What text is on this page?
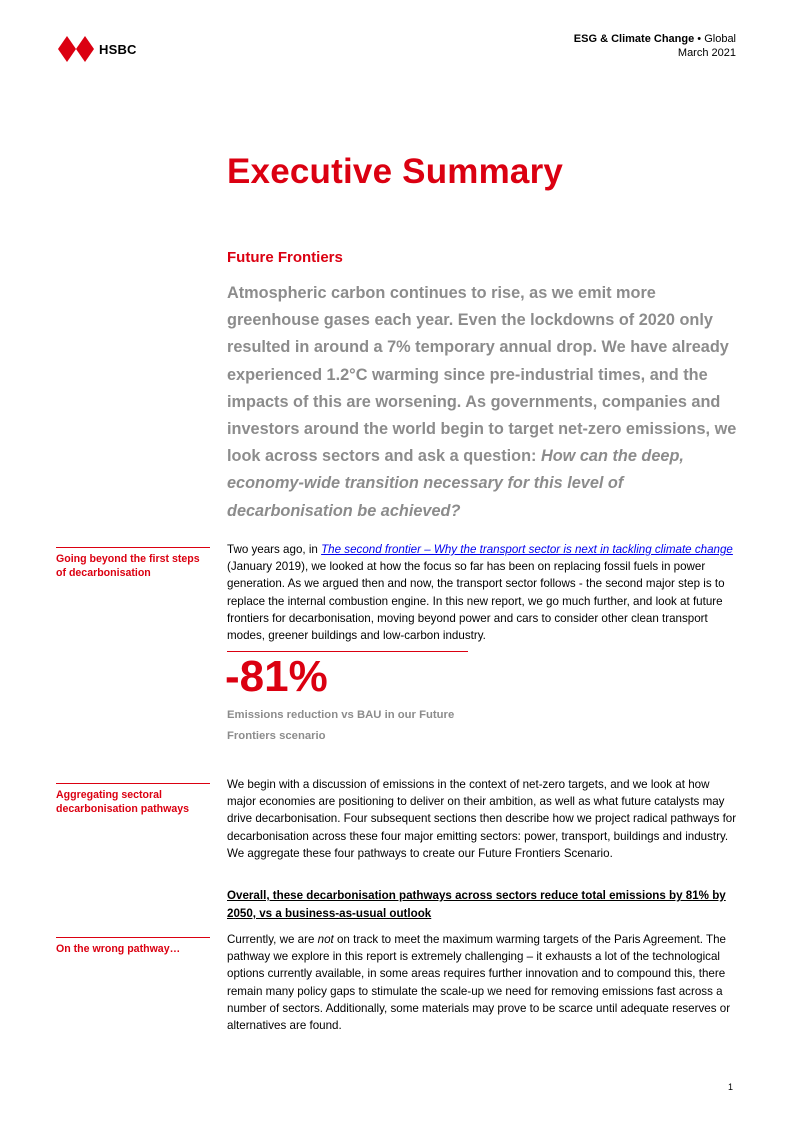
HSBC
ESG & Climate Change • Global
March 2021
Executive Summary
Future Frontiers
Atmospheric carbon continues to rise, as we emit more greenhouse gases each year. Even the lockdowns of 2020 only resulted in around a 7% temporary annual drop. We have already experienced 1.2°C warming since pre-industrial times, and the impacts of this are worsening. As governments, companies and investors around the world begin to target net-zero emissions, we look across sectors and ask a question: How can the deep, economy-wide transition necessary for this level of decarbonisation be achieved?
Going beyond the first steps of decarbonisation
Two years ago, in The second frontier – Why the transport sector is next in tackling climate change (January 2019), we looked at how the focus so far has been on replacing fossil fuels in power generation. As we argued then and now, the transport sector follows - the second major step is to replace the internal combustion engine. In this new report, we go much further, and look at future frontiers for decarbonisation, moving beyond power and cars to consider other clean transport modes, greener buildings and low-carbon industry.
-81%
Emissions reduction vs BAU in our Future Frontiers scenario
Aggregating sectoral decarbonisation pathways
We begin with a discussion of emissions in the context of net-zero targets, and we look at how major economies are positioning to deliver on their ambition, as well as what future catalysts may drive decarbonisation. Four subsequent sections then describe how we project radical pathways for decarbonisation across these four major emitting sectors: power, transport, buildings and industry. We aggregate these four pathways to create our Future Frontiers Scenario.
Overall, these decarbonisation pathways across sectors reduce total emissions by 81% by 2050, vs a business-as-usual outlook
On the wrong pathway…
Currently, we are not on track to meet the maximum warming targets of the Paris Agreement. The pathway we explore in this report is extremely challenging – it exhausts a lot of the technological options currently available, in some areas requires further innovation and to compound this, there remain many policy gaps to stimulate the scale-up we need for removing emissions fast across a number of sectors. Additionally, some materials may prove to be scarce until adequate reserves or alternatives are found.
1
